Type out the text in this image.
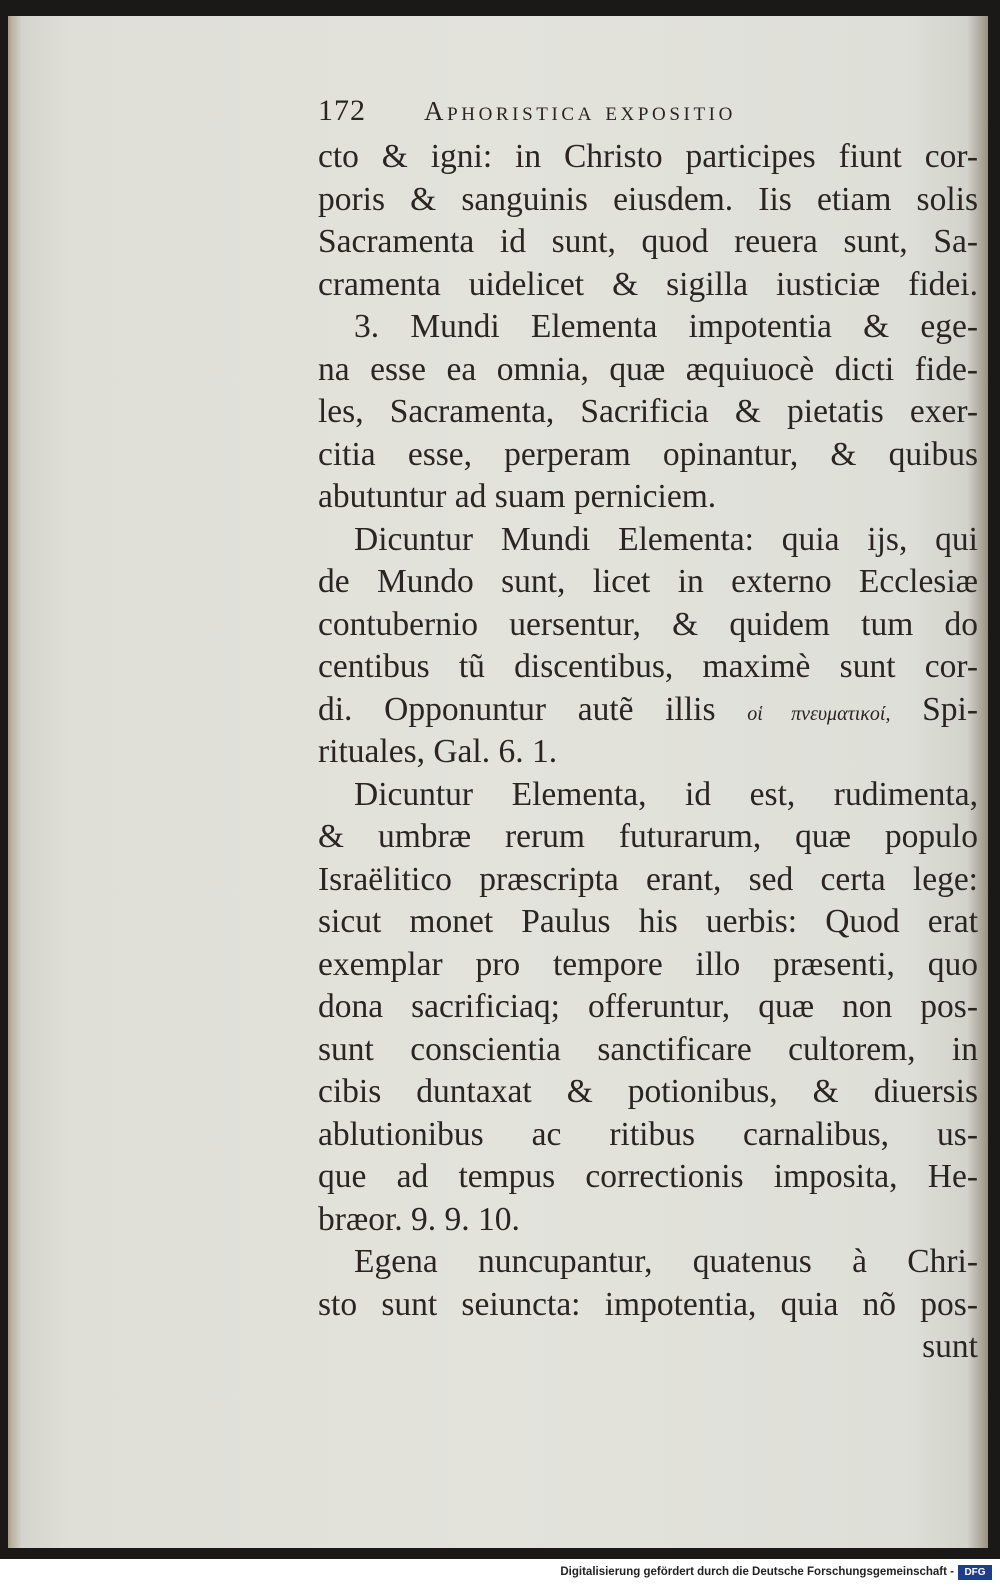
172 Aphoristica expositio
cto & igni: in Christo participes fiunt cor-
poris & sanguinis eiusdem. Iis etiam solis
Sacramenta id sunt, quod reuera sunt, Sa-
cramenta uidelicet & sigilla iusticiæ fidei.
3. Mundi Elementa impotentia & ege-
na esse ea omnia, quæ æquiuocè dicti fide-
les, Sacramenta, Sacrificia & pietatis exer-
citia esse, perperam opinantur, & quibus
abutuntur ad suam perniciem.
Dicuntur Mundi Elementa: quia ijs, qui
de Mundo sunt, licet in externo Ecclesiæ
contubernio uersentur, & quidem tum do
centibus tũ discentibus, maximè sunt cor-
di. Opponuntur autẽ illis οἱ πνευματικοί, Spi-
rituales, Gal. 6. 1.
Dicuntur Elementa, id est, rudimenta,
& umbræ rerum futurarum, quæ populo
Israëlitico præscripta erant, sed certa lege:
sicut monet Paulus his uerbis: Quod erat
exemplar pro tempore illo præsenti, quo
dona sacrificiaq; offeruntur, quæ non pos-
sunt conscientia sanctificare cultorem, in
cibis duntaxat & potionibus, & diuersis
ablutionibus ac ritibus carnalibus, us-
que ad tempus correctionis imposita, He-
bræor. 9. 9. 10.
Egena nuncupantur, quatenus à Chri-
sto sunt seiuncta: impotentia, quia nõ pos-
sunt
Digitalisierung gefördert durch die Deutsche Forschungsgemeinschaft -	DFG
